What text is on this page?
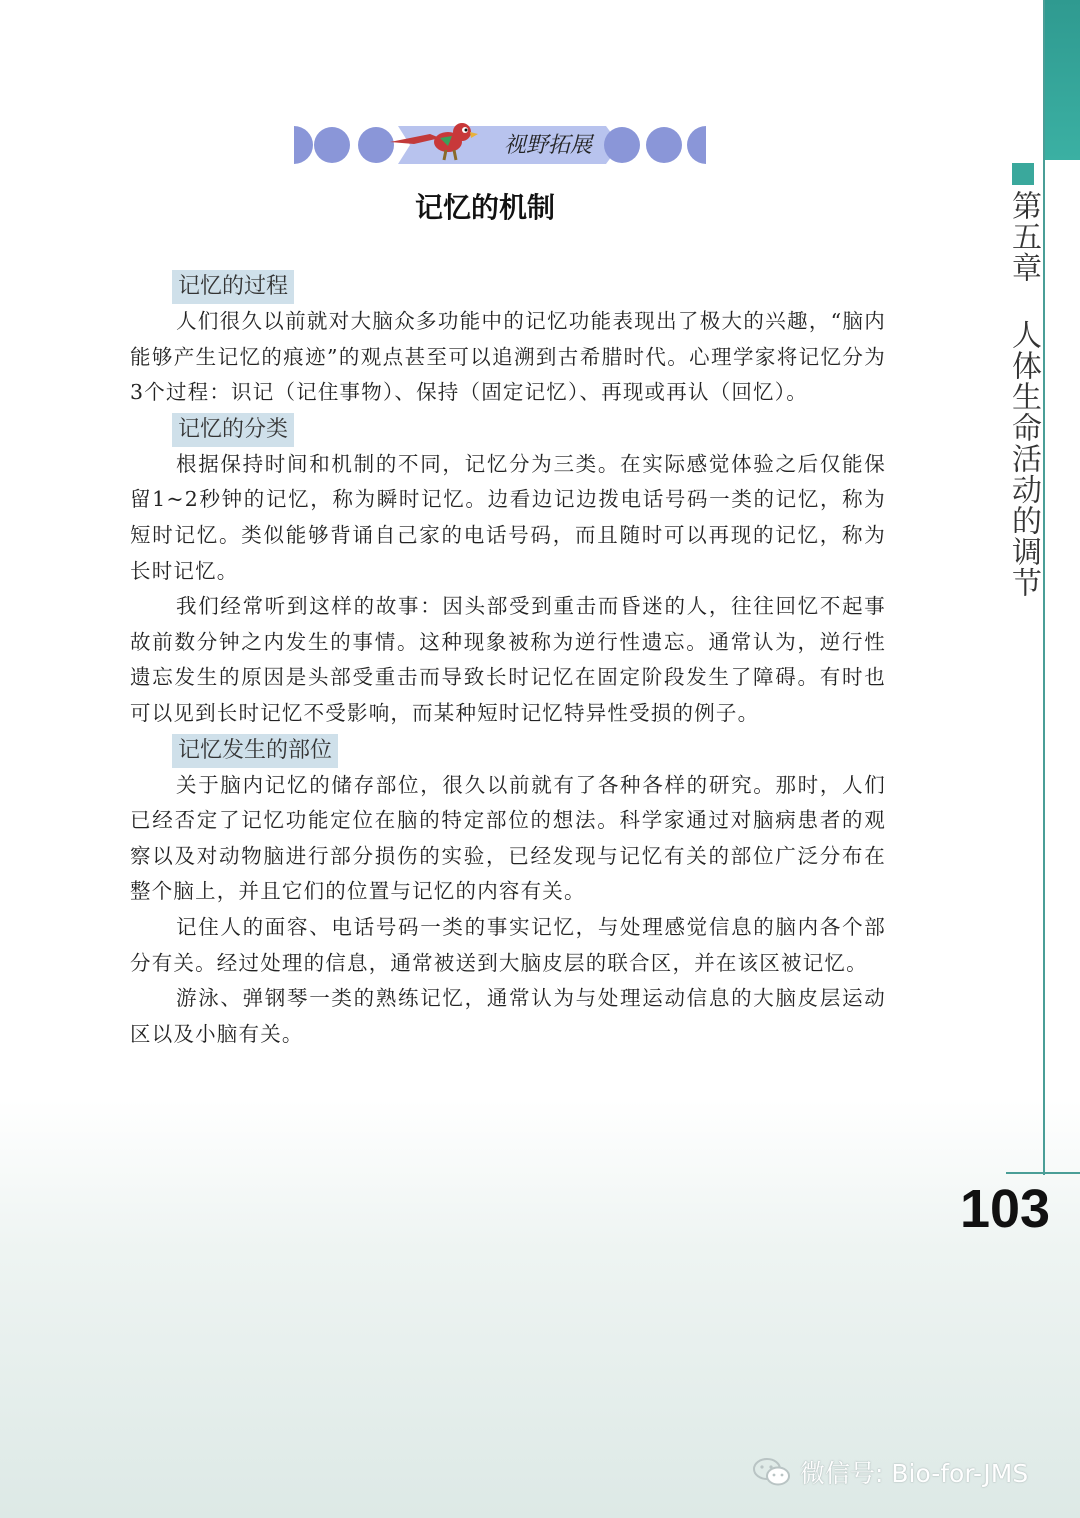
第五章 人体生命活动的调节
103
视野拓展
记忆的机制
记忆的过程

人们很久以前就对大脑众多功能中的记忆功能表现出了极大的兴趣，“脑内能够产生记忆的痕迹”的观点甚至可以追溯到古希腊时代。心理学家将记忆分为3个过程：识记（记住事物）、保持（固定记忆）、再现或再认（回忆）。

记忆的分类

根据保持时间和机制的不同，记忆分为三类。在实际感觉体验之后仅能保留1~2秒钟的记忆，称为瞬时记忆。边看边记边拨电话号码一类的记忆，称为短时记忆。类似能够背诵自己家的电话号码，而且随时可以再现的记忆，称为长时记忆。

我们经常听到这样的故事：因头部受到重击而昏迷的人，往往回忆不起事故前数分钟之内发生的事情。这种现象被称为逆行性遗忘。通常认为，逆行性遗忘发生的原因是头部受重击而导致长时记忆在固定阶段发生了障碍。有时也可以见到长时记忆不受影响，而某种短时记忆特异性受损的例子。

记忆发生的部位

关于脑内记忆的储存部位，很久以前就有了各种各样的研究。那时，人们已经否定了记忆功能定位在脑的特定部位的想法。科学家通过对脑病患者的观察以及对动物脑进行部分损伤的实验，已经发现与记忆有关的部位广泛分布在整个脑上，并且它们的位置与记忆的内容有关。

记住人的面容、电话号码一类的事实记忆，与处理感觉信息的脑内各个部分有关。经过处理的信息，通常被送到大脑皮层的联合区，并在该区被记忆。

游泳、弹钢琴一类的熟练记忆，通常认为与处理运动信息的大脑皮层运动区以及小脑有关。

微信号: Bio-for-JMS
